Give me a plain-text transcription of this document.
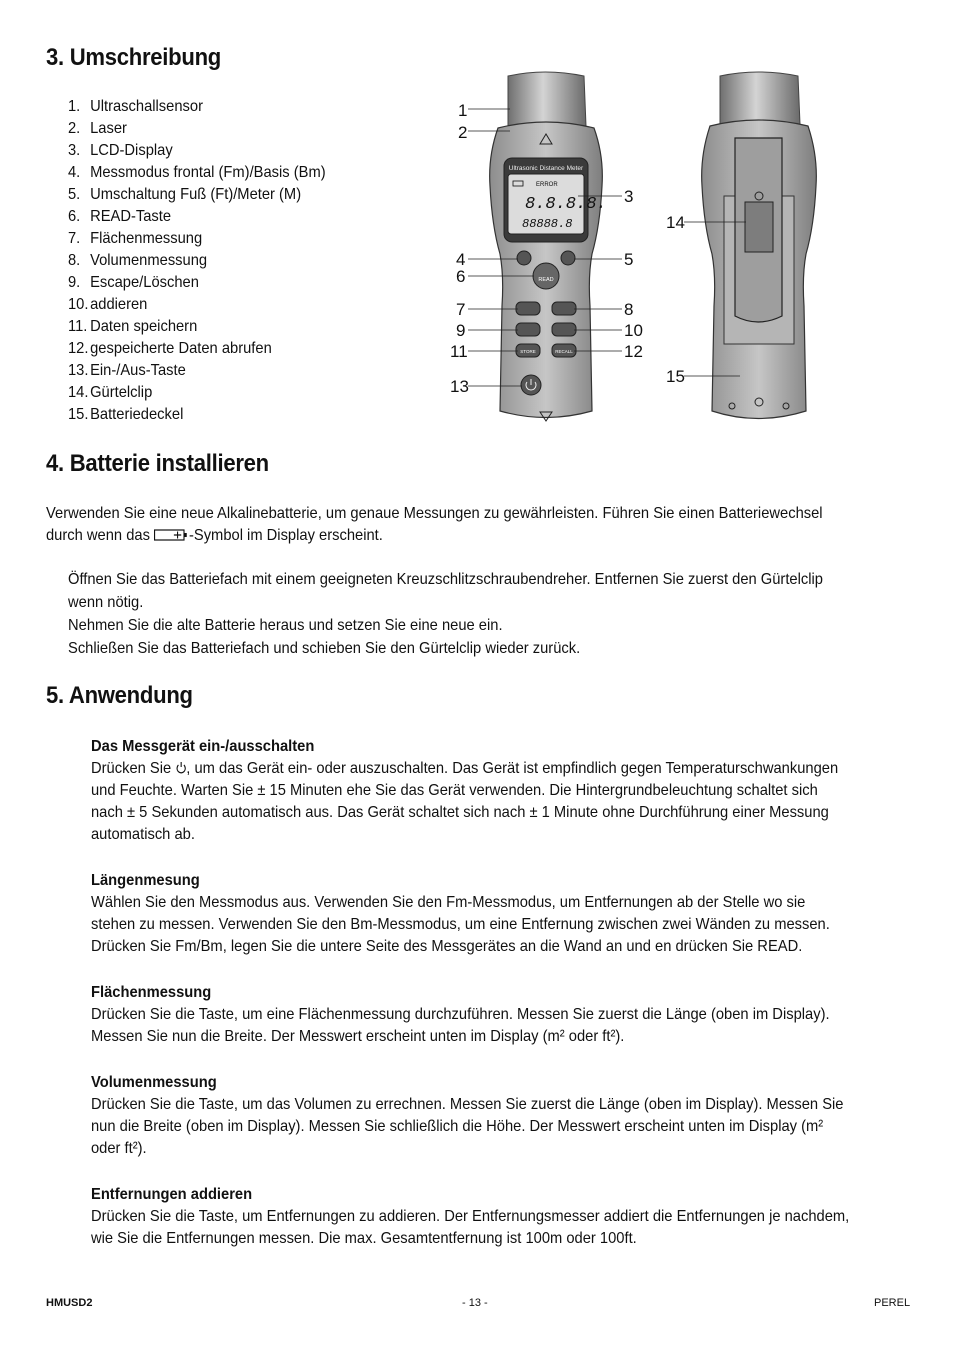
3. Umschreibung
1. Ultraschallsensor
2. Laser
3. LCD-Display
4. Messmodus frontal (Fm)/Basis (Bm)
5. Umschaltung Fuß (Ft)/Meter (M)
6. READ-Taste
7. Flächenmessung
8. Volumenmessung
9. Escape/Löschen
10. addieren
11. Daten speichern
12. gespeicherte Daten abrufen
13. Ein-/Aus-Taste
14. Gürtelclip
15. Batteriedeckel
Ultrasonic Distance Meter
ERROR
8.8.8.8.
88888.8
READ
STORE	RECALL
1
2
3
4	5
6
7	8
9	10
11	12
13
14
15
4. Batterie installieren

Verwenden Sie eine neue Alkalinebatterie, um genaue Messungen zu gewährleisten. Führen Sie einen Batteriewechsel

durch wenn das -Symbol im Display erscheint.

Öffnen Sie das Batteriefach mit einem geeigneten Kreuzschlitzschraubendreher. Entfernen Sie zuerst den Gürtelclip

wenn nötig.

Nehmen Sie die alte Batterie heraus und setzen Sie eine neue ein.

Schließen Sie das Batteriefach und schieben Sie den Gürtelclip wieder zurück.

5. Anwendung

Das Messgerät ein-/ausschalten

Drücken Sie , um das Gerät ein- oder auszuschalten. Das Gerät ist empfindlich gegen Temperaturschwankungen

und Feuchte. Warten Sie ± 15 Minuten ehe Sie das Gerät verwenden. Die Hintergrundbeleuchtung schaltet sich

nach ± 5 Sekunden automatisch aus. Das Gerät schaltet sich nach ± 1 Minute ohne Durchführung einer Messung

automatisch ab.

Längenmesung

Wählen Sie den Messmodus aus. Verwenden Sie den Fm-Messmodus, um Entfernungen ab der Stelle wo sie

stehen zu messen. Verwenden Sie den Bm-Messmodus, um eine Entfernung zwischen zwei Wänden zu messen.

Drücken Sie Fm/Bm, legen Sie die untere Seite des Messgerätes an die Wand an und en drücken Sie READ.

Flächenmessung

Drücken Sie die Taste, um eine Flächenmessung durchzuführen. Messen Sie zuerst die Länge (oben im Display).

Messen Sie nun die Breite. Der Messwert erscheint unten im Display (m² oder ft²).

Volumenmessung

Drücken Sie die Taste, um das Volumen zu errechnen. Messen Sie zuerst die Länge (oben im Display). Messen Sie

nun die Breite (oben im Display). Messen Sie schließlich die Höhe. Der Messwert erscheint unten im Display (m²

oder ft²).

Entfernungen addieren

Drücken Sie die Taste, um Entfernungen zu addieren. Der Entfernungsmesser addiert die Entfernungen je nachdem,

wie Sie die Entfernungen messen. Die max. Gesamtentfernung ist 100m oder 100ft.

HMUSD2	- 13 -	PEREL
